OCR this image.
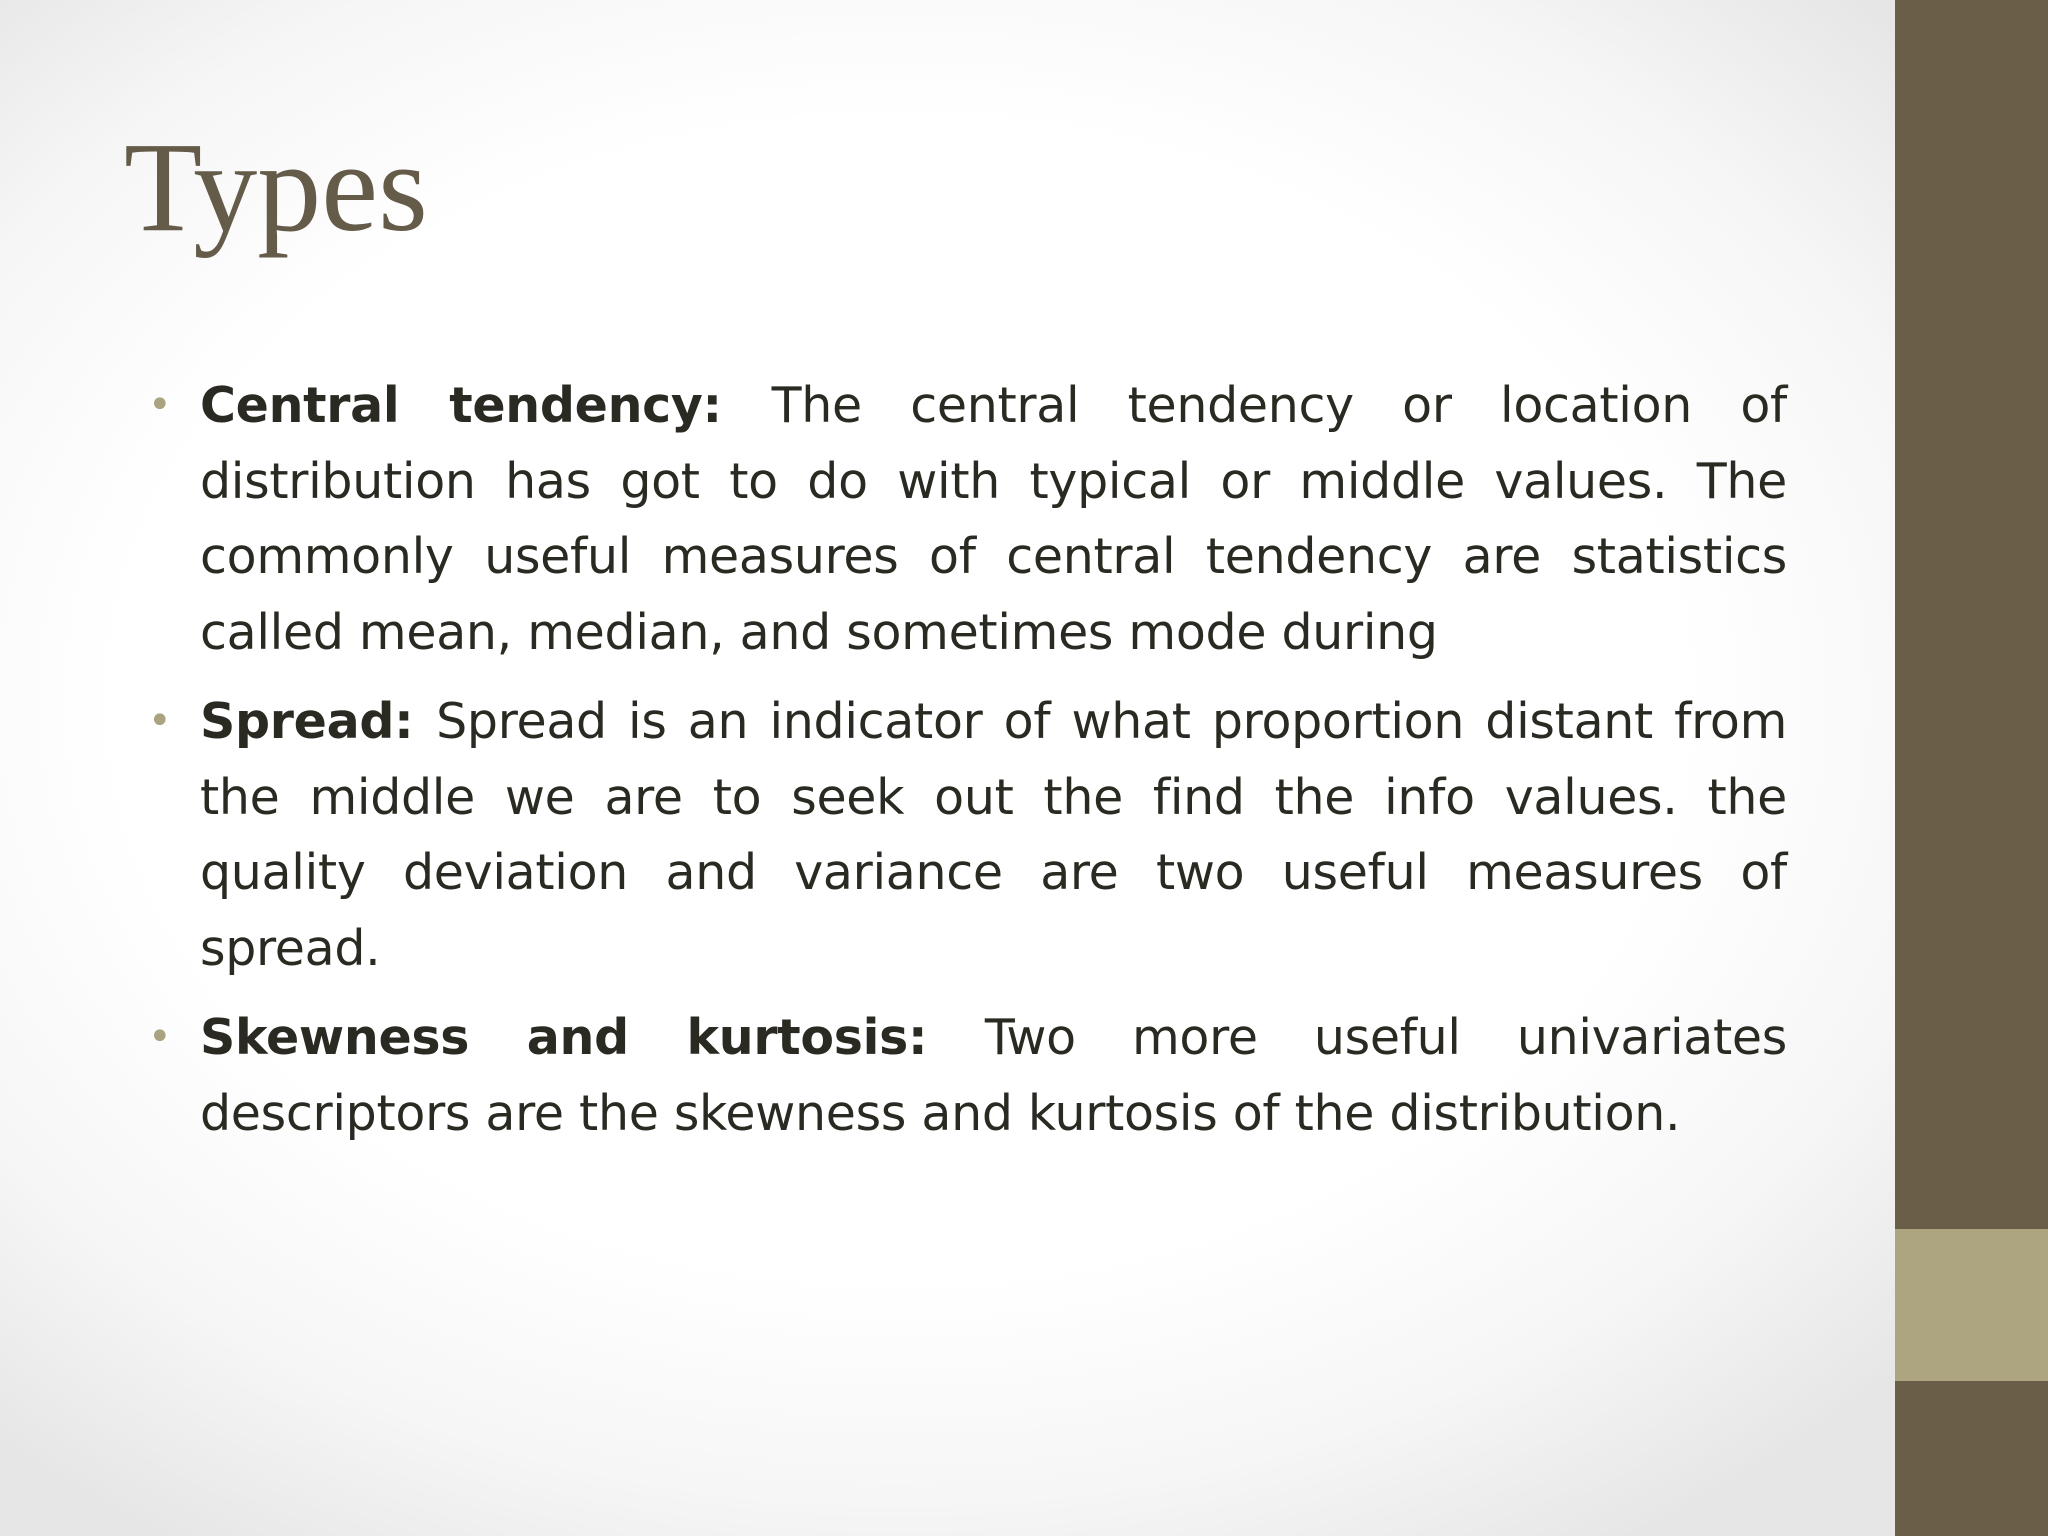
Types
• Central tendency: The central tendency or location of distribution has got to do with typical or middle values. The commonly useful measures of central tendency are statistics called mean, median, and sometimes mode during
• Spread: Spread is an indicator of what proportion distant from the middle we are to seek out the find the info values. the quality deviation and variance are two useful measures of spread.
• Skewness and kurtosis: Two more useful univariates descriptors are the skewness and kurtosis of the distribution.
